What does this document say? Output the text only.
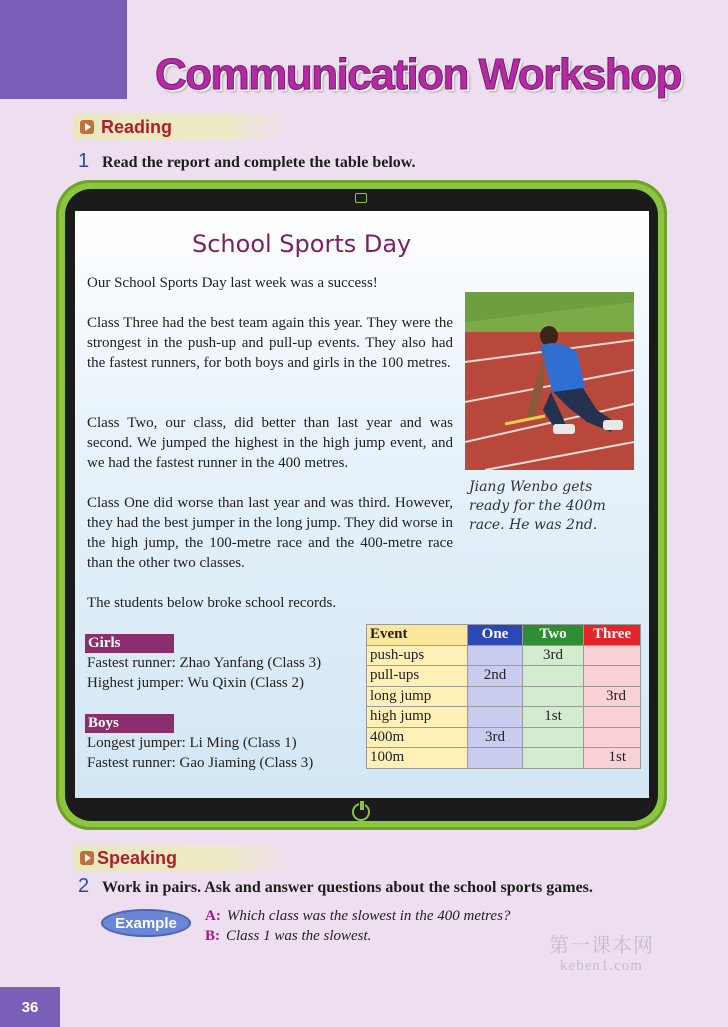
Communication Workshop
Reading
1 Read the report and complete the table below.
School Sports Day
Our School Sports Day last week was a success!
Class Three had the best team again this year. They were the strongest in the push-up and pull-up events. They also had the fastest runners, for both boys and girls in the 100 metres.
Class Two, our class, did better than last year and was second. We jumped the highest in the high jump event, and we had the fastest runner in the 400 metres.
Class One did worse than last year and was third. However, they had the best jumper in the long jump. They did worse in the high jump, the 100-metre race and the 400-metre race than the other two classes.
The students below broke school records.
Jiang Wenbo gets ready for the 400m race. He was 2nd.
Girls
Fastest runner: Zhao Yanfang (Class 3)
Highest jumper: Wu Qixin (Class 2)
Boys
Longest jumper: Li Ming (Class 1)
Fastest runner: Gao Jiaming (Class 3)
Event	One	Two	Three
push-ups		3rd	
pull-ups	2nd		
long jump			3rd
high jump		1st	
400m	3rd		
100m			1st
Speaking
2 Work in pairs. Ask and answer questions about the school sports games.
Example	A: Which class was the slowest in the 400 metres?
B: Class 1 was the slowest.	第一课本网
keben1.com
36
